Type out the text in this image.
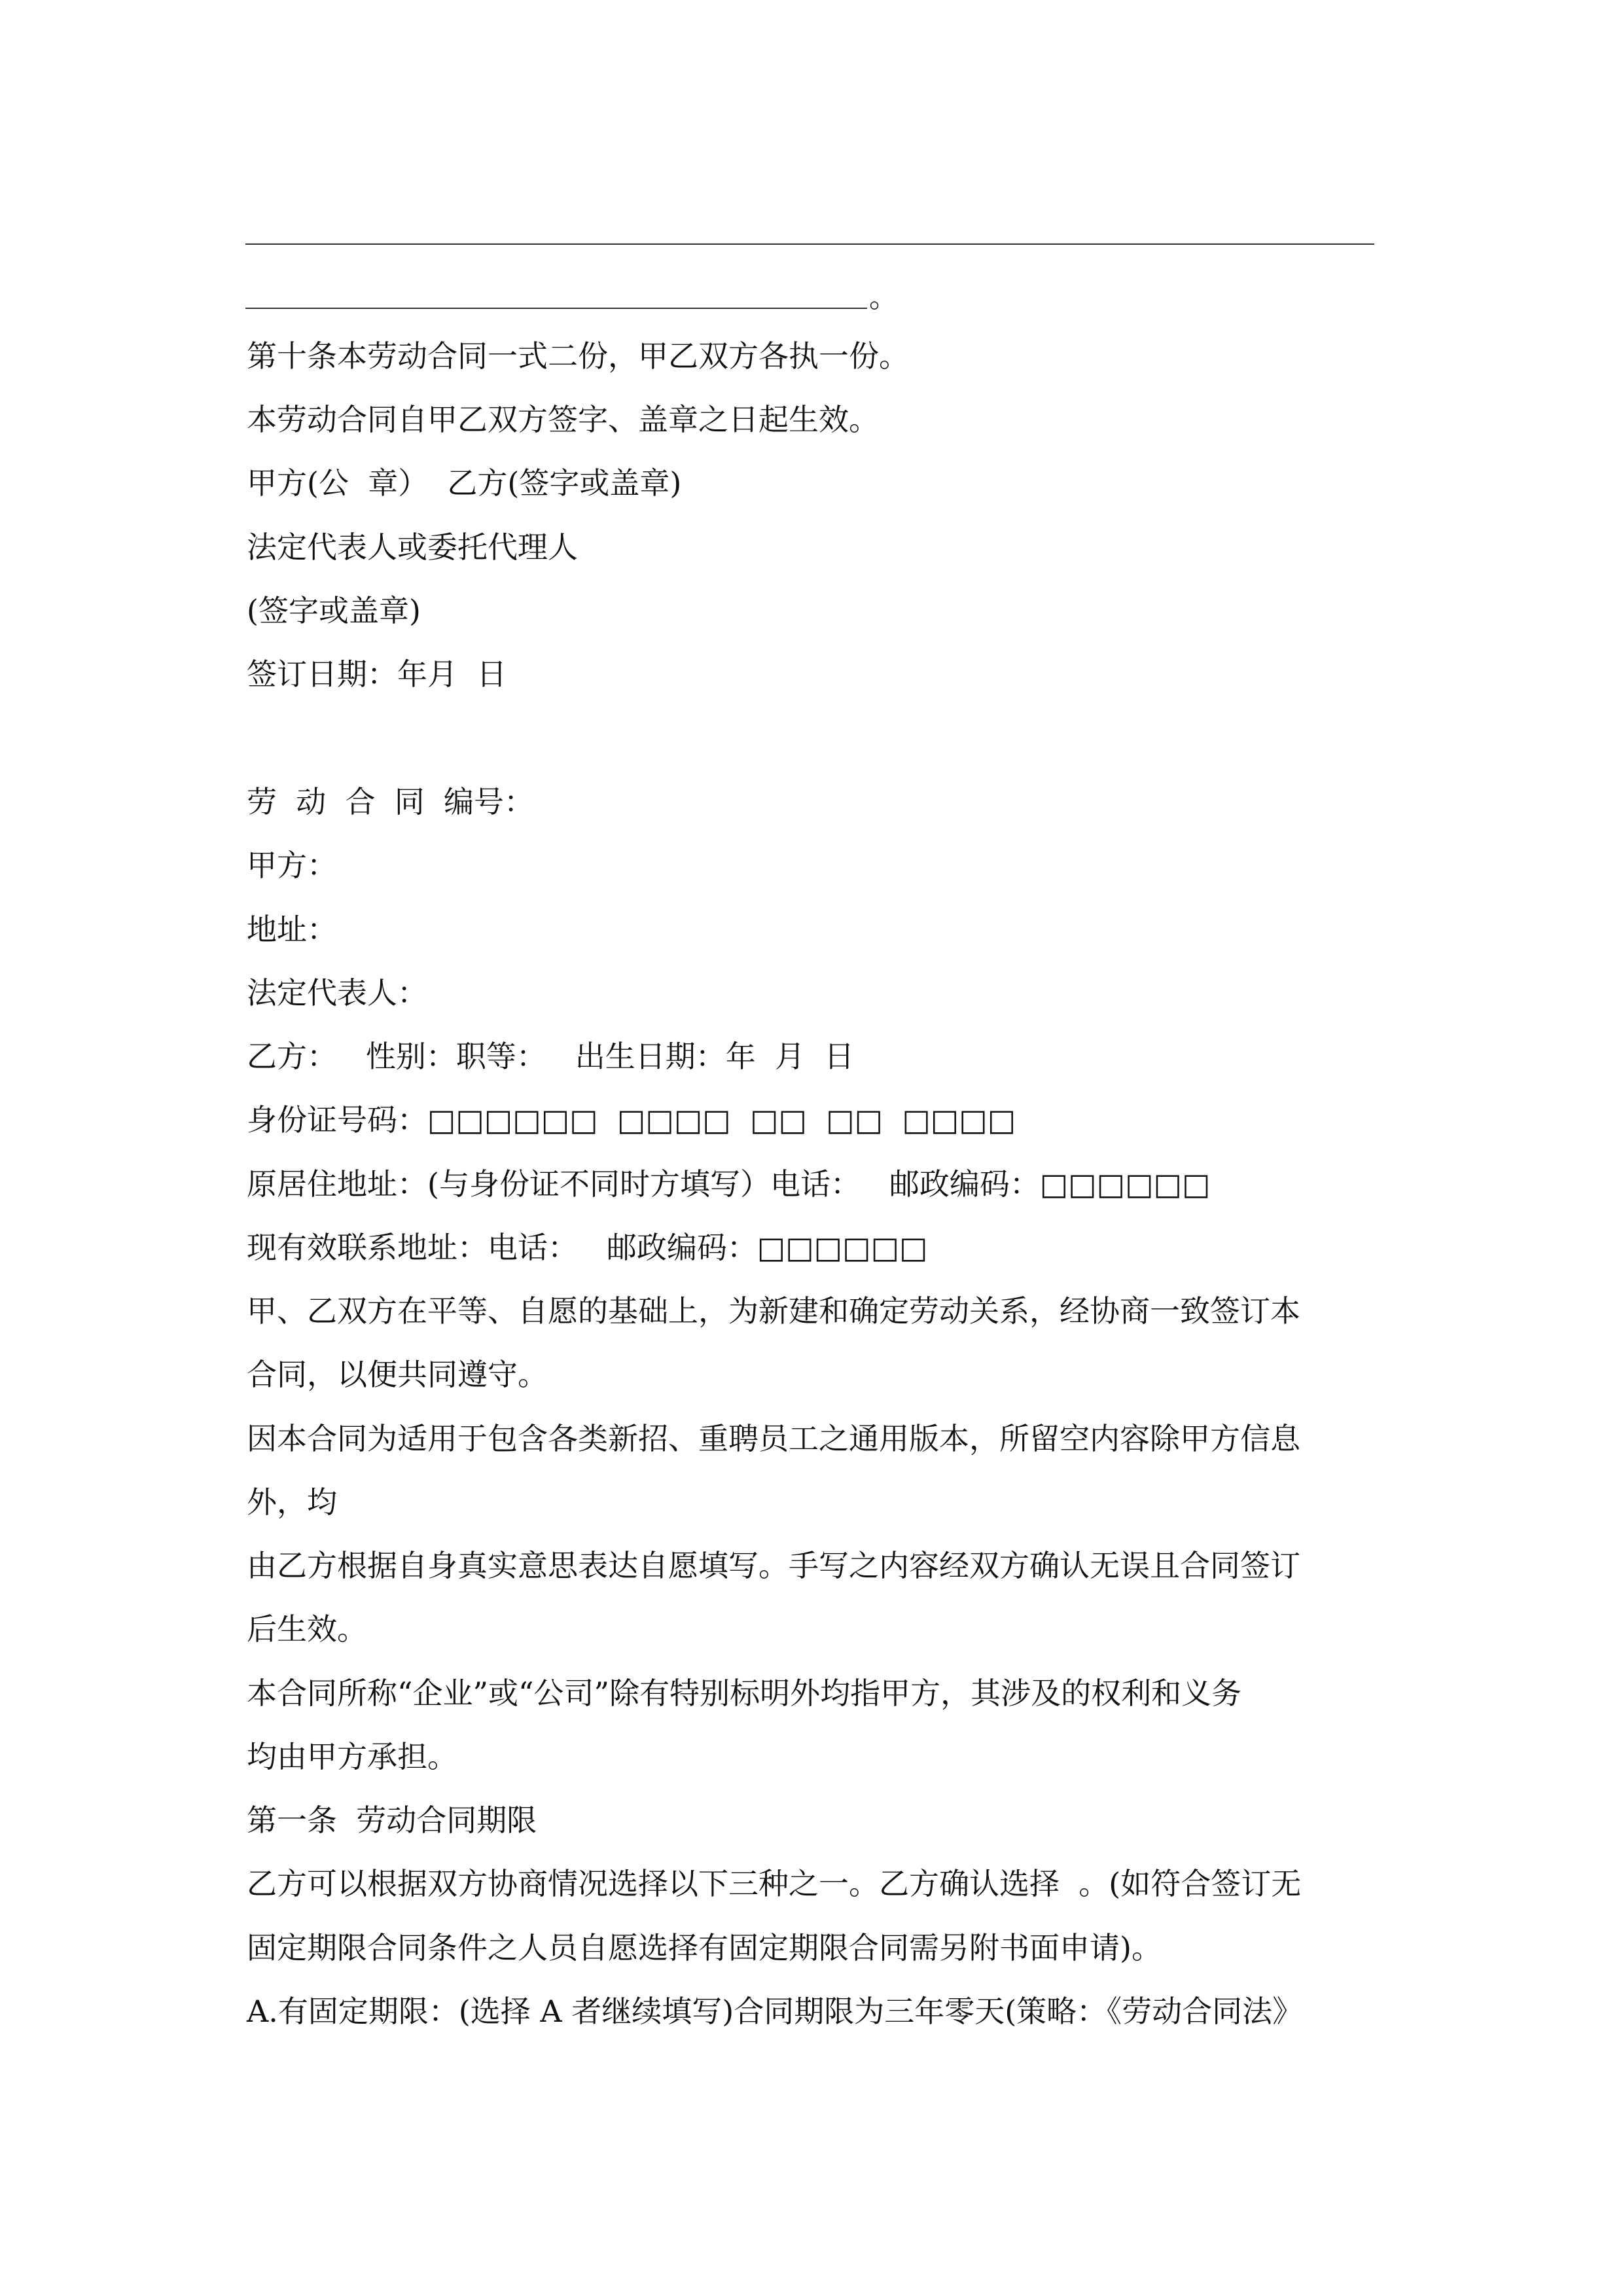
。

第十条本劳动合同一式二份，甲乙双方各执一份。

本劳动合同自甲乙双方签字、盖章之日起生效。

甲方(公  章）  乙方(签字或盖章)

法定代表人或委托代理人

(签字或盖章)

签订日期：年月  日

劳  动  合  同  编号：

甲方：

地址：

法定代表人：

乙方：   性别：职等：   出生日期：年  月  日

身份证号码：□□□□□□  □□□□  □□  □□  □□□□

原居住地址：(与身份证不同时方填写）电话：   邮政编码：□□□□□□

现有效联系地址：电话：   邮政编码：□□□□□□

甲、乙双方在平等、自愿的基础上，为新建和确定劳动关系，经协商一致签订本

合同，以便共同遵守。

因本合同为适用于包含各类新招、重聘员工之通用版本，所留空内容除甲方信息

外，均

由乙方根据自身真实意思表达自愿填写。手写之内容经双方确认无误且合同签订

后生效。

本合同所称“企业”或“公司”除有特别标明外均指甲方，其涉及的权利和义务

均由甲方承担。

第一条  劳动合同期限

乙方可以根据双方协商情况选择以下三种之一。乙方确认选择  。(如符合签订无

固定期限合同条件之人员自愿选择有固定期限合同需另附书面申请)。

A.有固定期限：(选择 A 者继续填写)合同期限为三年零天(策略：《劳动合同法》
